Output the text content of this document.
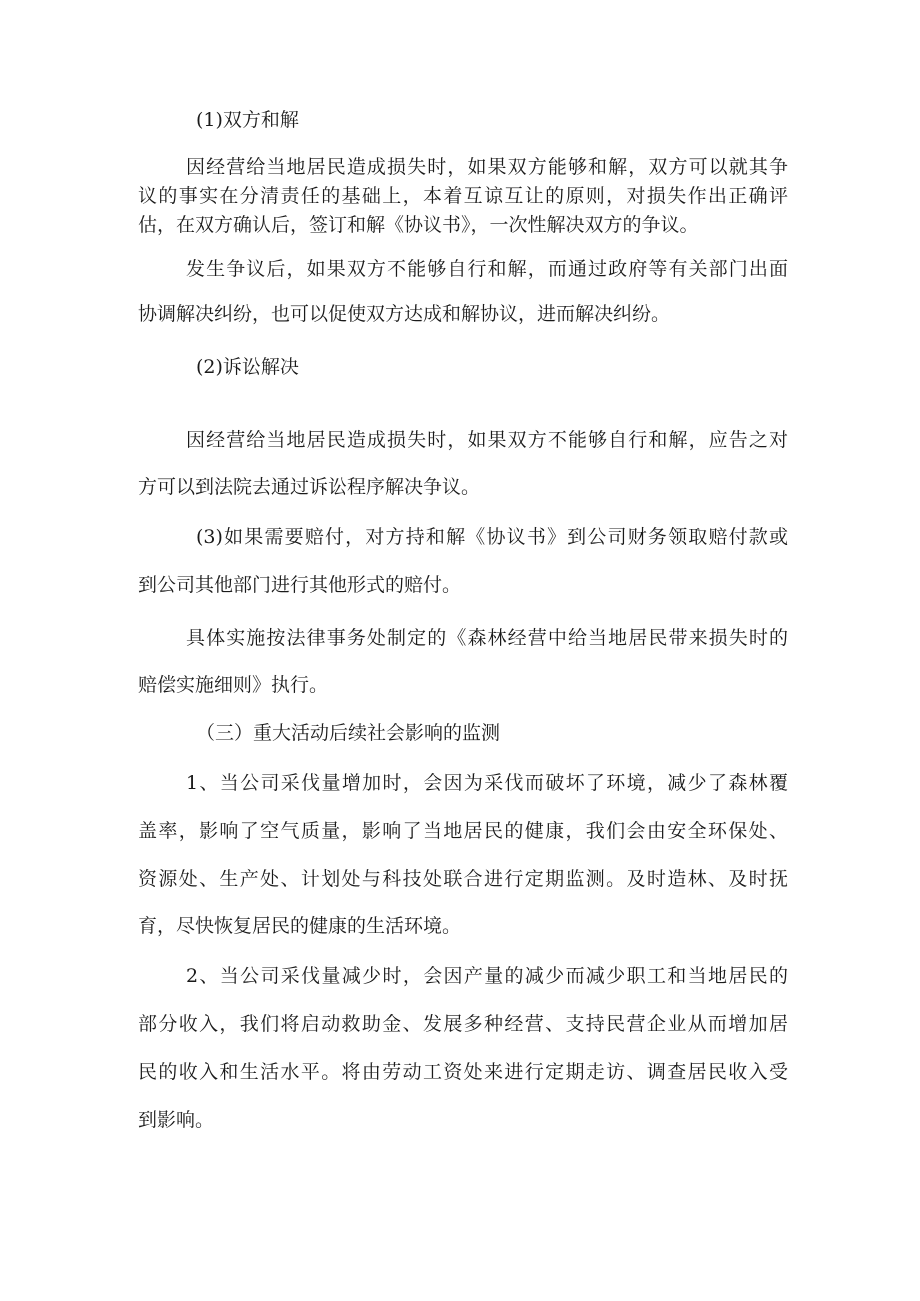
(1)双方和解
因经营给当地居民造成损失时，如果双方能够和解，双方可以就其争
议的事实在分清责任的基础上，本着互谅互让的原则，对损失作出正确评
估，在双方确认后，签订和解《协议书》，一次性解决双方的争议。
发生争议后，如果双方不能够自行和解，而通过政府等有关部门出面
协调解决纠纷，也可以促使双方达成和解协议，进而解决纠纷。
(2)诉讼解决
因经营给当地居民造成损失时，如果双方不能够自行和解，应告之对
方可以到法院去通过诉讼程序解决争议。
(3)如果需要赔付，对方持和解《协议书》到公司财务领取赔付款或
到公司其他部门进行其他形式的赔付。
具体实施按法律事务处制定的《森林经营中给当地居民带来损失时的
赔偿实施细则》执行。
（三）重大活动后续社会影响的监测
1、当公司采伐量增加时，会因为采伐而破坏了环境，减少了森林覆
盖率，影响了空气质量，影响了当地居民的健康，我们会由安全环保处、
资源处、生产处、计划处与科技处联合进行定期监测。及时造林、及时抚
育，尽快恢复居民的健康的生活环境。
2、当公司采伐量减少时，会因产量的减少而减少职工和当地居民的
部分收入，我们将启动救助金、发展多种经营、支持民营企业从而增加居
民的收入和生活水平。将由劳动工资处来进行定期走访、调查居民收入受
到影响。
